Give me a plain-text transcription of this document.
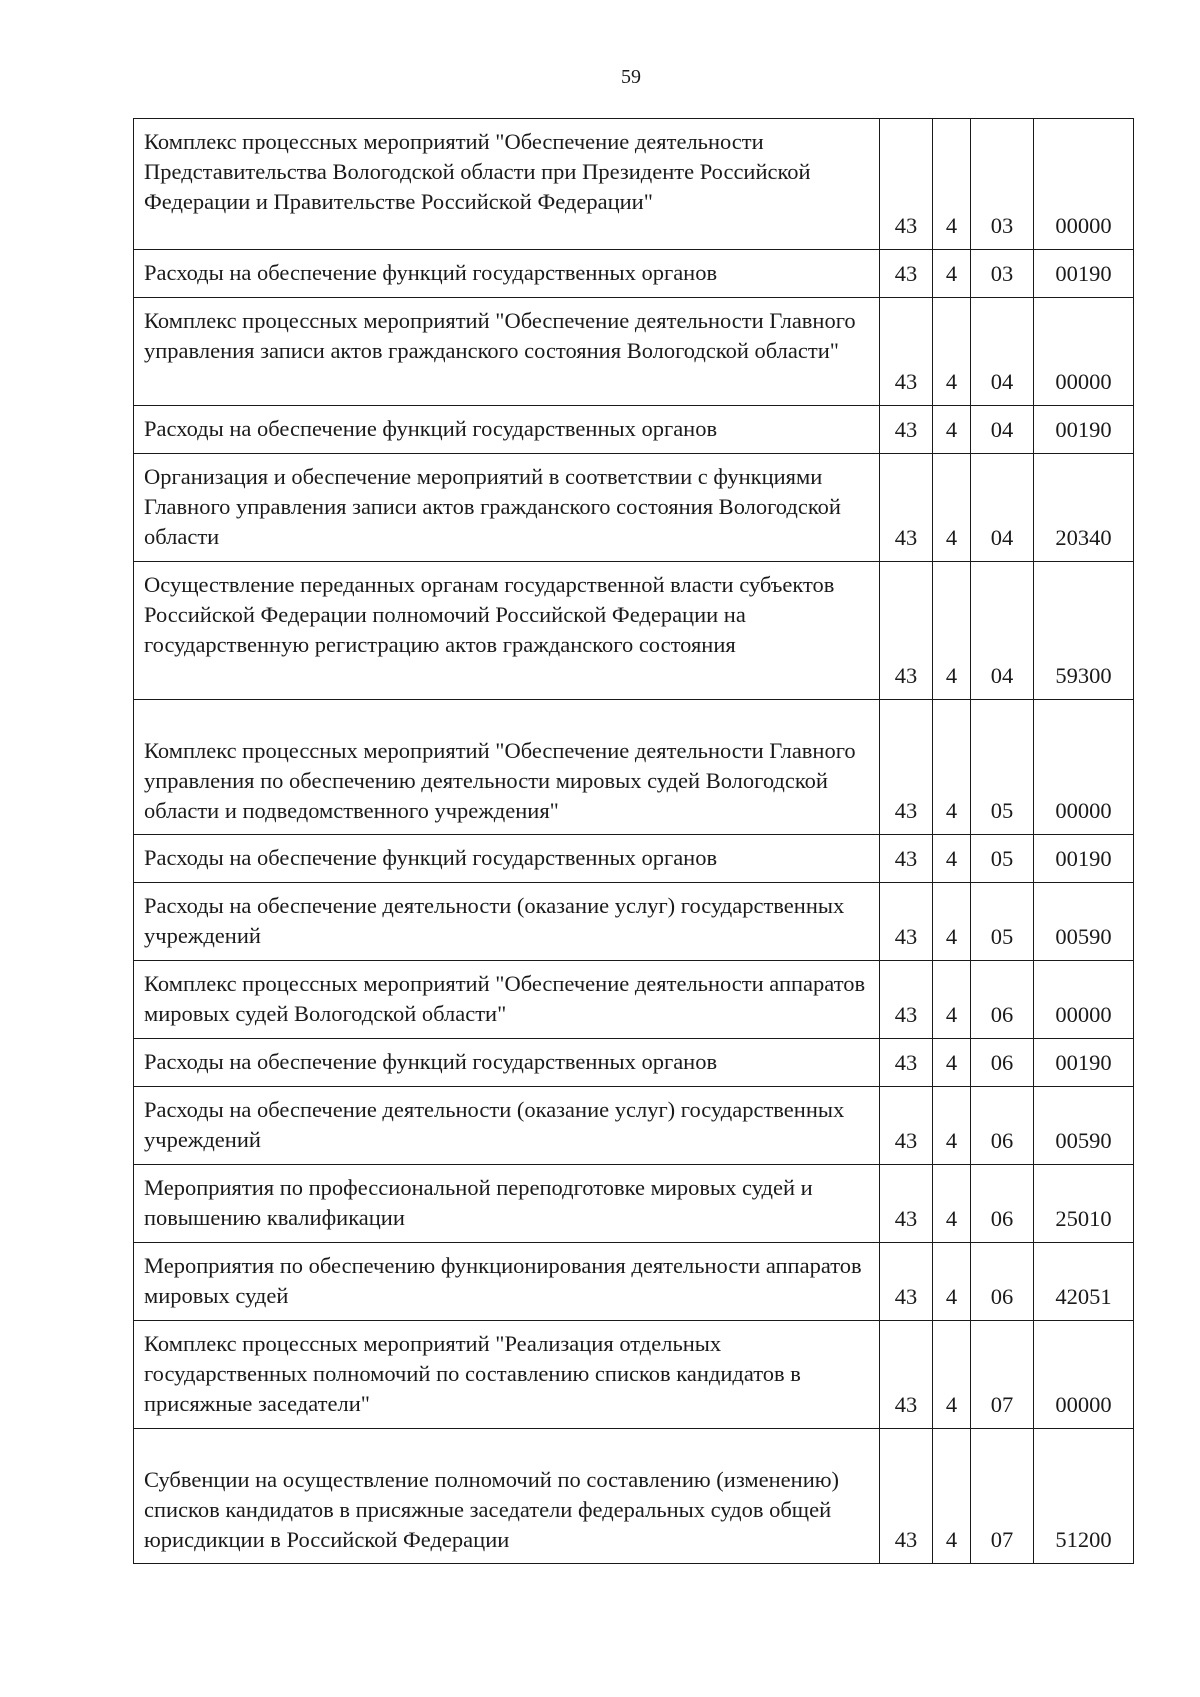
59
Комплекс процессных мероприятий "Обеспечение деятельности Представительства Вологодской области при Президенте Российской Федерации и Правительстве Российской Федерации"	43	4	03	00000

Расходы на обеспечение функций государственных органов	43	4	03	00190

Комплекс процессных мероприятий "Обеспечение деятельности Главного управления записи актов гражданского состояния Вологодской области"	43	4	04	00000

Расходы на обеспечение функций государственных органов	43	4	04	00190

Организация и обеспечение мероприятий в соответствии с функциями Главного управления записи актов гражданского состояния Вологодской области	43	4	04	20340

Осуществление переданных органам государственной власти субъектов Российской Федерации полномочий Российской Федерации на государственную регистрацию актов гражданского состояния	43	4	04	59300

Комплекс процессных мероприятий "Обеспечение деятельности Главного управления по обеспечению деятельности мировых судей Вологодской области и подведомственного учреждения"	43	4	05	00000

Расходы на обеспечение функций государственных органов	43	4	05	00190

Расходы на обеспечение деятельности (оказание услуг) государственных учреждений	43	4	05	00590

Комплекс процессных мероприятий "Обеспечение деятельности аппаратов мировых судей Вологодской области"	43	4	06	00000

Расходы на обеспечение функций государственных органов	43	4	06	00190

Расходы на обеспечение деятельности (оказание услуг) государственных учреждений	43	4	06	00590

Мероприятия по профессиональной переподготовке мировых судей и повышению квалификации	43	4	06	25010

Мероприятия по обеспечению функционирования деятельности аппаратов мировых судей	43	4	06	42051

Комплекс процессных мероприятий "Реализация отдельных государственных полномочий по составлению списков кандидатов в присяжные заседатели"	43	4	07	00000

Субвенции на осуществление полномочий по составлению (изменению) списков кандидатов в присяжные заседатели федеральных судов общей юрисдикции в Российской Федерации	43	4	07	51200
